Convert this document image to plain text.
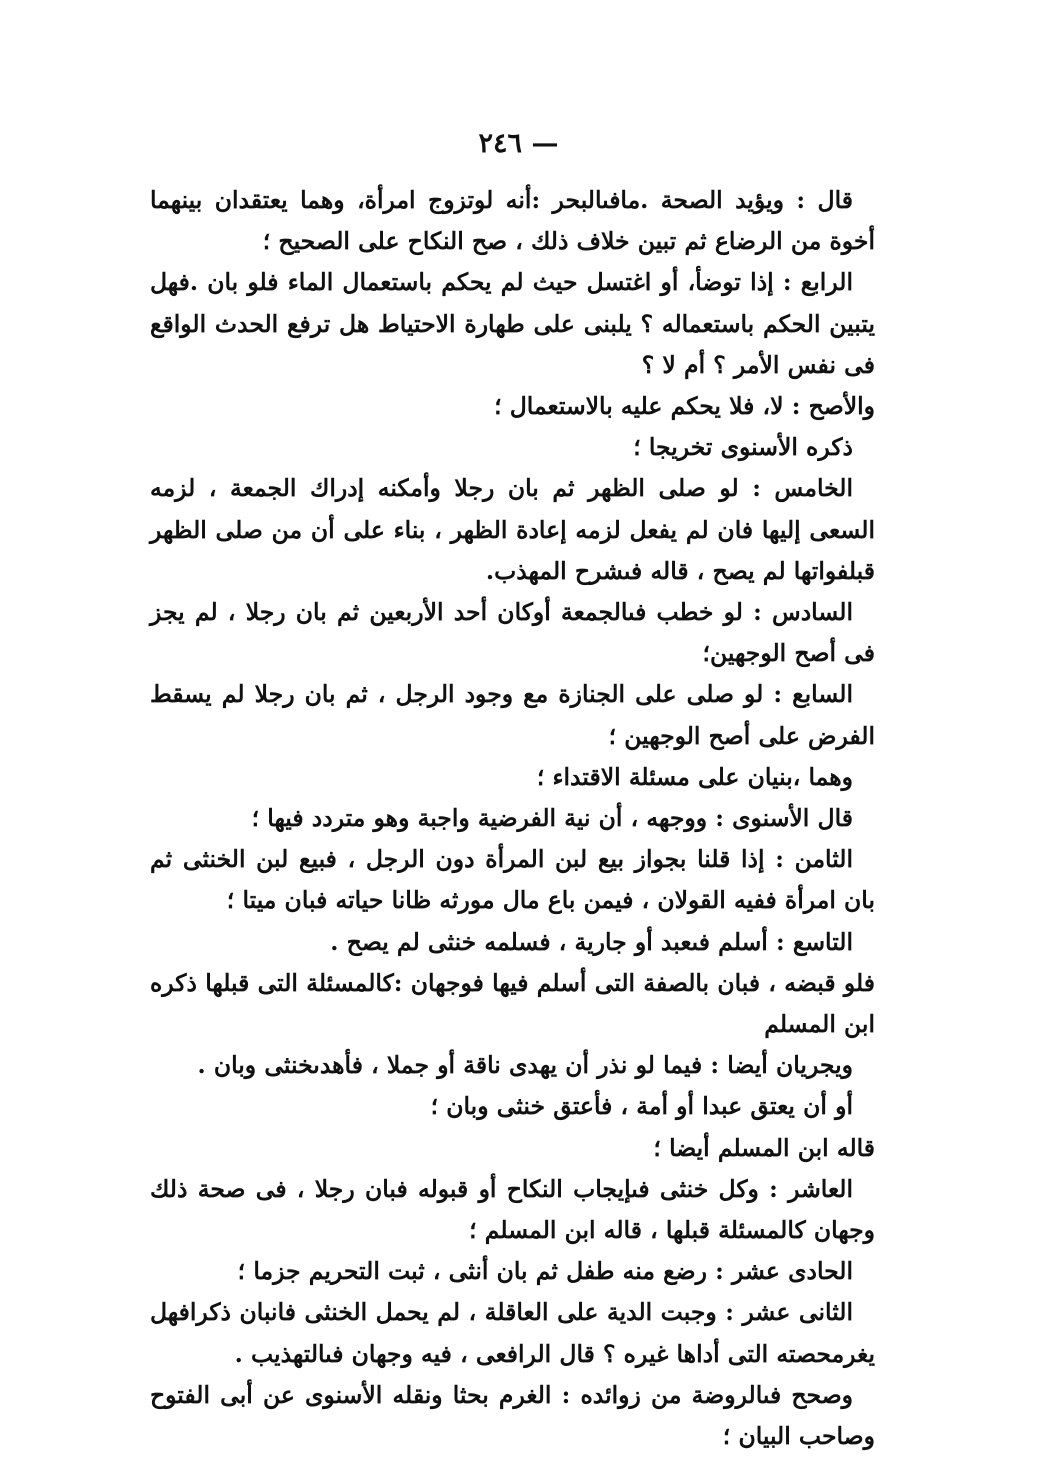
— ٢٤٦

قال : ويؤيد الصحة .مافىالبحر :أنه لوتزوج امرأة، وهما يعتقدان بينهما أخوة من الرضاع ثم تبين خلاف ذلك ، صح النكاح على الصحيح ؛

الرابع : إذا توضأ، أو اغتسل حيث لم يحكم باستعمال الماء فلو بان .فهل يتبين الحكم باستعماله ؟ يلبنى على طهارة الاحتياط هل ترفع الحدث الواقع فى نفس الأمر ؟ أم لا ؟

والأصح : لا، فلا يحكم عليه بالاستعمال ؛

ذكره الأسنوى تخريجا ؛

الخامس : لو صلى الظهر ثم بان رجلا وأمكنه إدراك الجمعة ، لزمه السعى إليها فان لم يفعل لزمه إعادة الظهر ، بناء على أن من صلى الظهر قبلفواتها لم يصح ، قاله فىشرح المهذب.

السادس : لو خطب فىالجمعة أوكان أحد الأربعين ثم بان رجلا ، لم يجز فى أصح الوجهين؛

السابع : لو صلى على الجنازة مع وجود الرجل ، ثم بان رجلا لم يسقط الفرض على أصح الوجهين ؛

وهما ،بنيان على مسئلة الاقتداء ؛

قال الأسنوى : ووجهه ، أن نية الفرضية واجبة وهو متردد فيها ؛

الثامن : إذا قلنا بجواز بيع لبن المرأة دون الرجل ، فبيع لبن الخنثى ثم بان امرأة ففيه القولان ، فيمن باع مال مورثه ظانا حياته فبان ميتا ؛

التاسع : أسلم فىعبد أو جارية ، فسلمه خنثى لم يصح .

فلو قبضه ، فبان بالصفة التى أسلم فيها فوجهان :كالمسئلة التى قبلها ذكره ابن المسلم

ويجريان أيضا : فيما لو نذر أن يهدى ناقة أو جملا ، فأهدىخنثى وبان .

أو أن يعتق عبدا أو أمة ، فأعتق خنثى وبان ؛

قاله ابن المسلم أيضا ؛

العاشر : وكل خنثى فىإيجاب النكاح أو قبوله فبان رجلا ، فى صحة ذلك وجهان كالمسئلة قبلها ، قاله ابن المسلم ؛

الحادى عشر : رضع منه طفل ثم بان أنثى ، ثبت التحريم جزما ؛

الثانى عشر : وجبت الدية على العاقلة ، لم يحمل الخنثى فانبان ذكرافهل يغرمحصته التى أداها غيره ؟ قال الرافعى ، فيه وجهان فىالتهذيب .

وصحح فىالروضة من زوائده : الغرم بحثا ونقله الأسنوى عن أبى الفتوح وصاحب البيان ؛
